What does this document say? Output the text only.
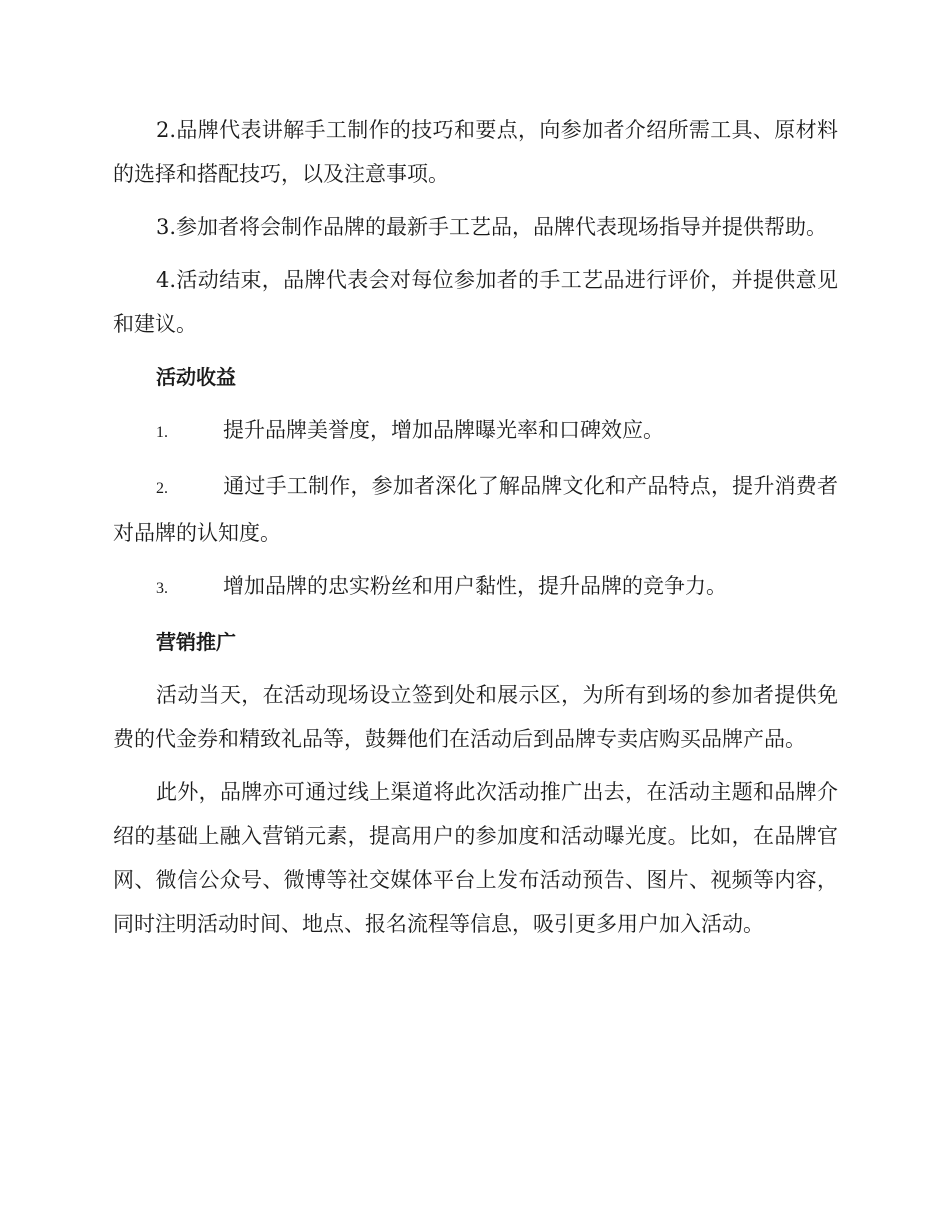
2.品牌代表讲解手工制作的技巧和要点，向参加者介绍所需工具、原材料的选择和搭配技巧，以及注意事项。

3.参加者将会制作品牌的最新手工艺品，品牌代表现场指导并提供帮助。

4.活动结束，品牌代表会对每位参加者的手工艺品进行评价，并提供意见和建议。

活动收益

1.	提升品牌美誉度，增加品牌曝光率和口碑效应。

2.	通过手工制作，参加者深化了解品牌文化和产品特点，提升消费者对品牌的认知度。

3.	增加品牌的忠实粉丝和用户黏性，提升品牌的竞争力。

营销推广

活动当天，在活动现场设立签到处和展示区，为所有到场的参加者提供免费的代金券和精致礼品等，鼓舞他们在活动后到品牌专卖店购买品牌产品。

此外，品牌亦可通过线上渠道将此次活动推广出去，在活动主题和品牌介绍的基础上融入营销元素，提高用户的参加度和活动曝光度。比如，在品牌官网、微信公众号、微博等社交媒体平台上发布活动预告、图片、视频等内容，同时注明活动时间、地点、报名流程等信息，吸引更多用户加入活动。
